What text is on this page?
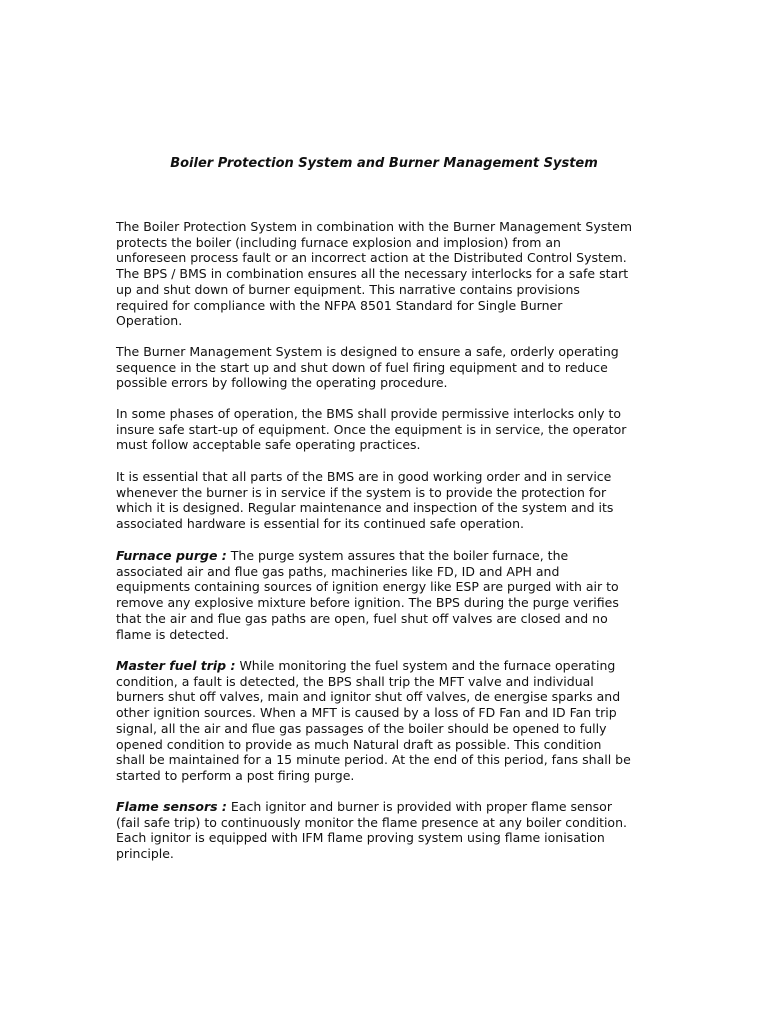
Boiler Protection System and Burner Management System
The Boiler Protection System in combination with the Burner Management System
protects the boiler (including furnace explosion and implosion) from an
unforeseen process fault or an incorrect action at the Distributed Control System.
The BPS / BMS in combination ensures all the necessary interlocks for a safe start
up and shut down of burner equipment. This narrative contains provisions
required for compliance with the NFPA 8501 Standard for Single Burner
Operation.
The Burner Management System is designed to ensure a safe, orderly operating
sequence in the start up and shut down of fuel firing equipment and to reduce
possible errors by following the operating procedure.
In some phases of operation, the BMS shall provide permissive interlocks only to
insure safe start-up of equipment. Once the equipment is in service, the operator
must follow acceptable safe operating practices.
It is essential that all parts of the BMS are in good working order and in service
whenever the burner is in service if the system is to provide the protection for
which it is designed. Regular maintenance and inspection of the system and its
associated hardware is essential for its continued safe operation.
Furnace purge : The purge system assures that the boiler furnace, the
associated air and flue gas paths, machineries like FD, ID and APH and
equipments containing sources of ignition energy like ESP are purged with air to
remove any explosive mixture before ignition. The BPS during the purge verifies
that the air and flue gas paths are open, fuel shut off valves are closed and no
flame is detected.
Master fuel trip : While monitoring the fuel system and the furnace operating
condition, a fault is detected, the BPS shall trip the MFT valve and individual
burners shut off valves, main and ignitor shut off valves, de energise sparks and
other ignition sources. When a MFT is caused by a loss of FD Fan and ID Fan trip
signal, all the air and flue gas passages of the boiler should be opened to fully
opened condition to provide as much Natural draft as possible. This condition
shall be maintained for a 15 minute period. At the end of this period, fans shall be
started to perform a post firing purge.
Flame sensors : Each ignitor and burner is provided with proper flame sensor
(fail safe trip) to continuously monitor the flame presence at any boiler condition.
Each ignitor is equipped with IFM flame proving system using flame ionisation
principle.
